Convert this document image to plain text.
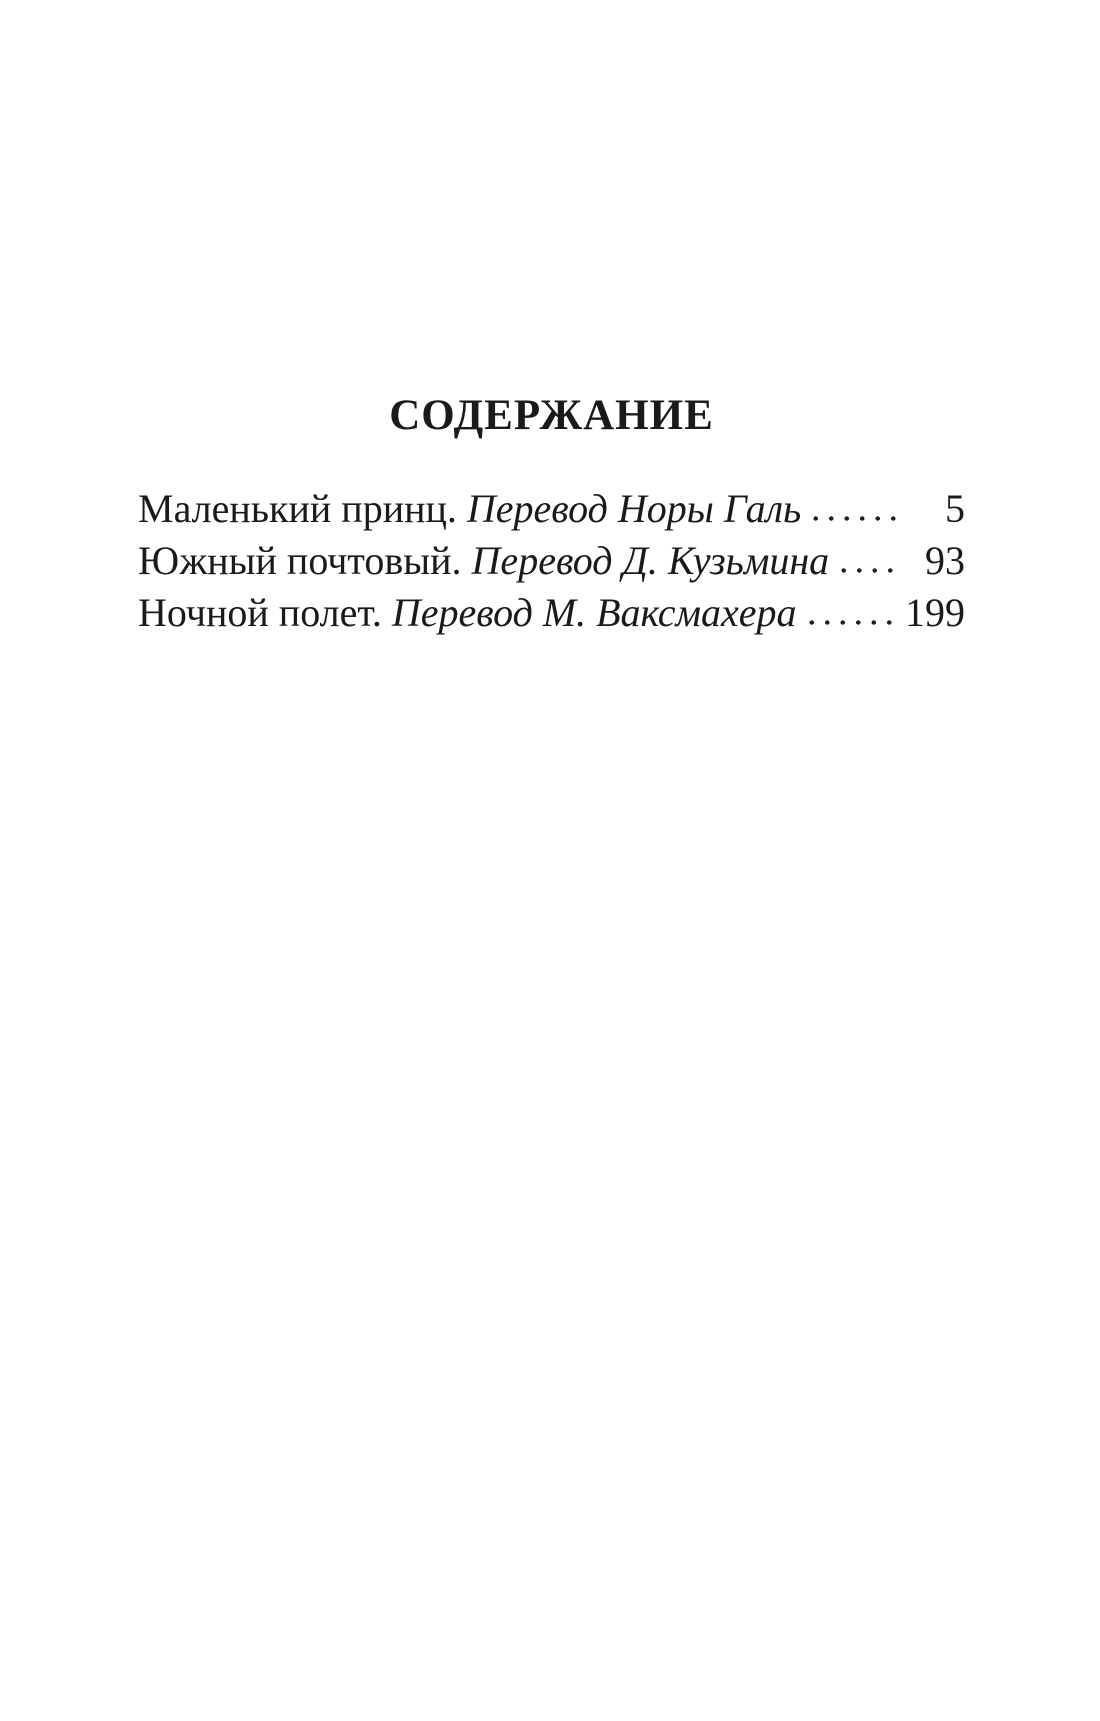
СОДЕРЖАНИЕ
Маленький принц. Перевод Норы Галь	5
Южный почтовый. Перевод Д. Кузьмина	93
Ночной полет. Перевод М. Ваксмахера	199
